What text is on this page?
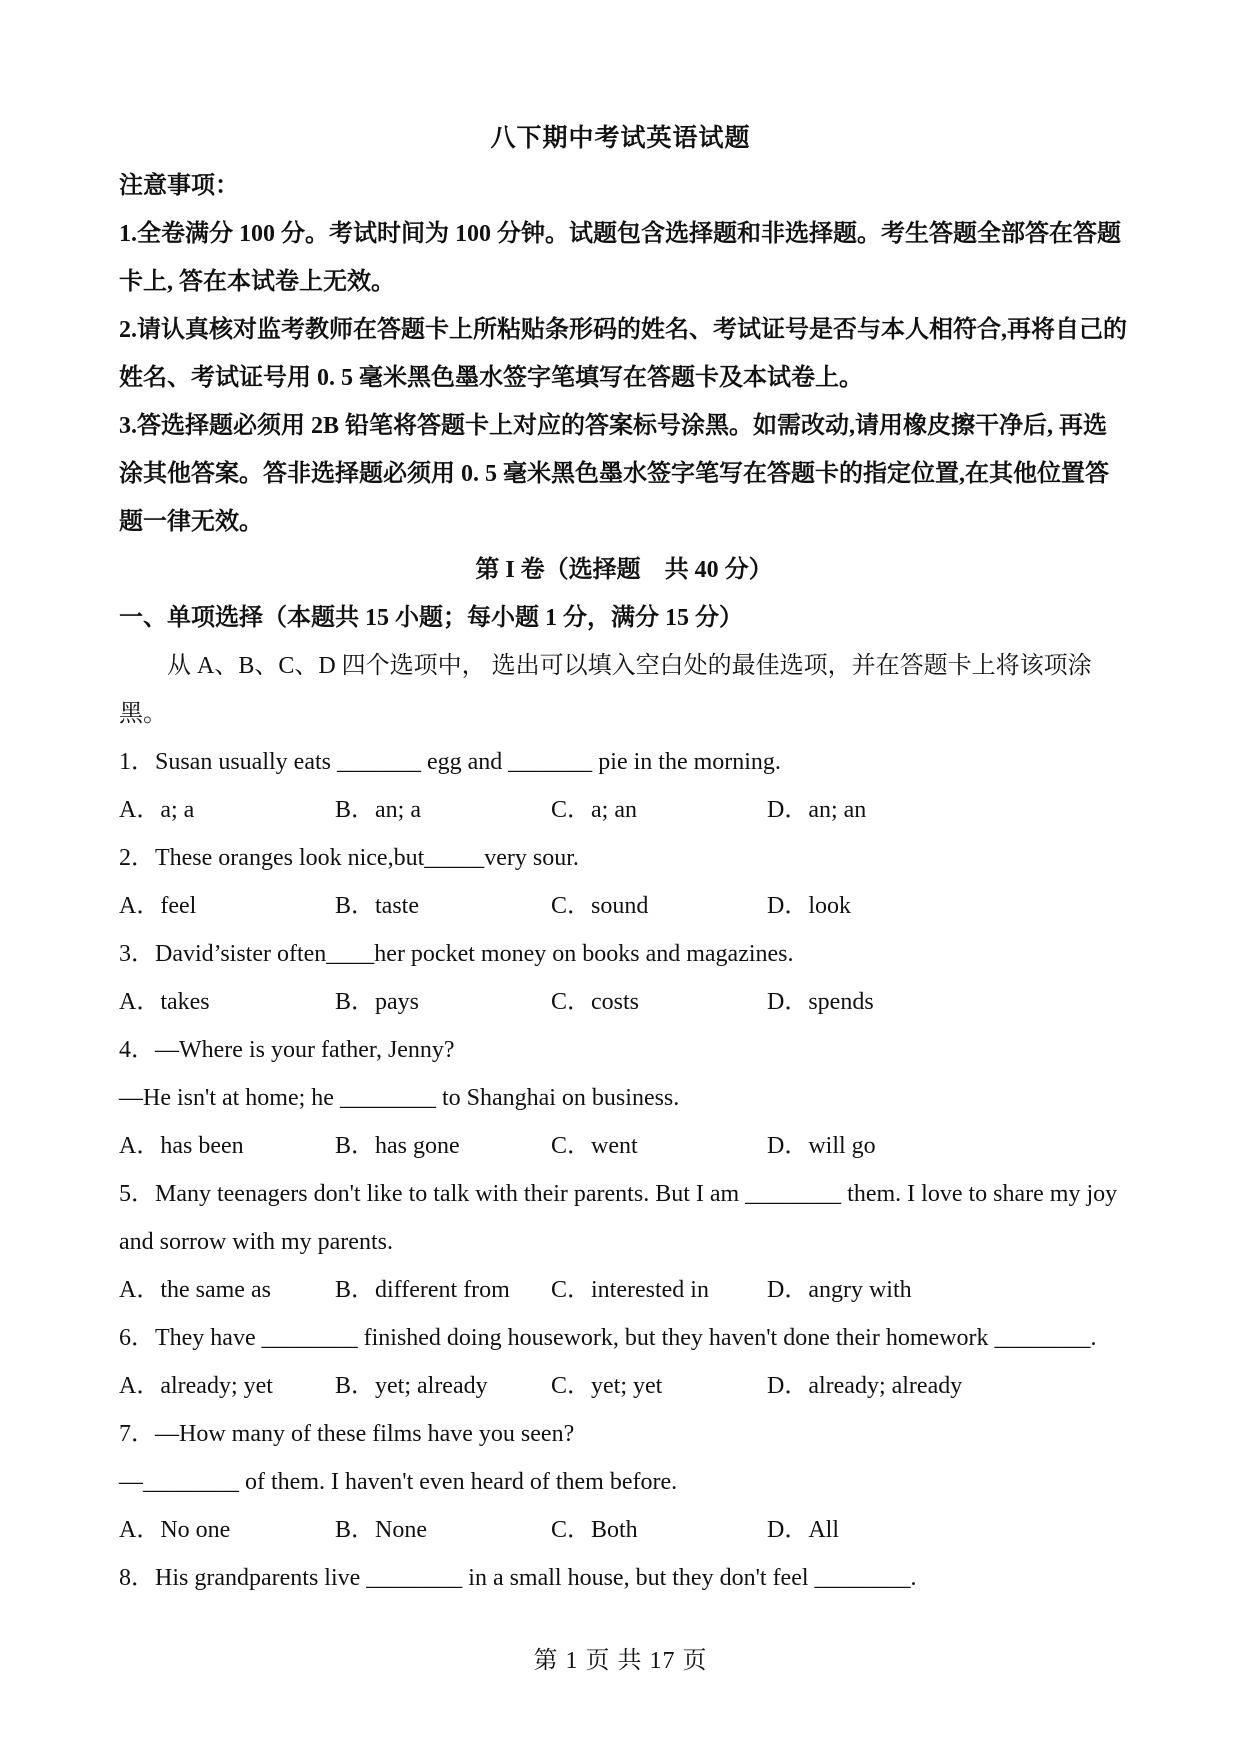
八下期中考试英语试题
注意事项：

1.全卷满分 100 分。考试时间为 100 分钟。试题包含选择题和非选择题。考生答题全部答在答题卡上, 答在本试卷上无效。

2.请认真核对监考教师在答题卡上所粘贴条形码的姓名、考试证号是否与本人相符合,再将自己的姓名、考试证号用 0. 5 毫米黑色墨水签字笔填写在答题卡及本试卷上。

3.答选择题必须用 2B 铅笔将答题卡上对应的答案标号涂黑。如需改动,请用橡皮擦干净后, 再选涂其他答案。答非选择题必须用 0. 5 毫米黑色墨水签字笔写在答题卡的指定位置,在其他位置答题一律无效。

第 I 卷（选择题　共 40 分）
一、单项选择（本题共 15 小题；每小题 1 分，满分 15 分）

从 A、B、C、D 四个选项中， 选出可以填入空白处的最佳选项，并在答题卡上将该项涂黑。

1．Susan usually eats _______ egg and _______ pie in the morning.

A．a; a	B．an; a	C．a; an	D．an; an

2．These oranges look nice,but_____very sour.

A．feel	B．taste	C．sound	D．look

3．David’sister often____her pocket money on books and magazines.

A．takes	B．pays	C．costs	D．spends

4．—Where is your father, Jenny?

—He isn't at home; he ________ to Shanghai on business.

A．has been	B．has gone	C．went	D．will go

5．Many teenagers don't like to talk with their parents. But I am ________ them. I love to share my joy and sorrow with my parents.

A．the same as	B．different from	C．interested in	D．angry with

6．They have ________ finished doing housework, but they haven't done their homework ________.

A．already; yet	B．yet; already	C．yet; yet	D．already; already

7．—How many of these films have you seen?

—________ of them. I haven't even heard of them before.

A．No one	B．None	C．Both	D．All

8．His grandparents live ________ in a small house, but they don't feel ________.

第 1 页 共 17 页
